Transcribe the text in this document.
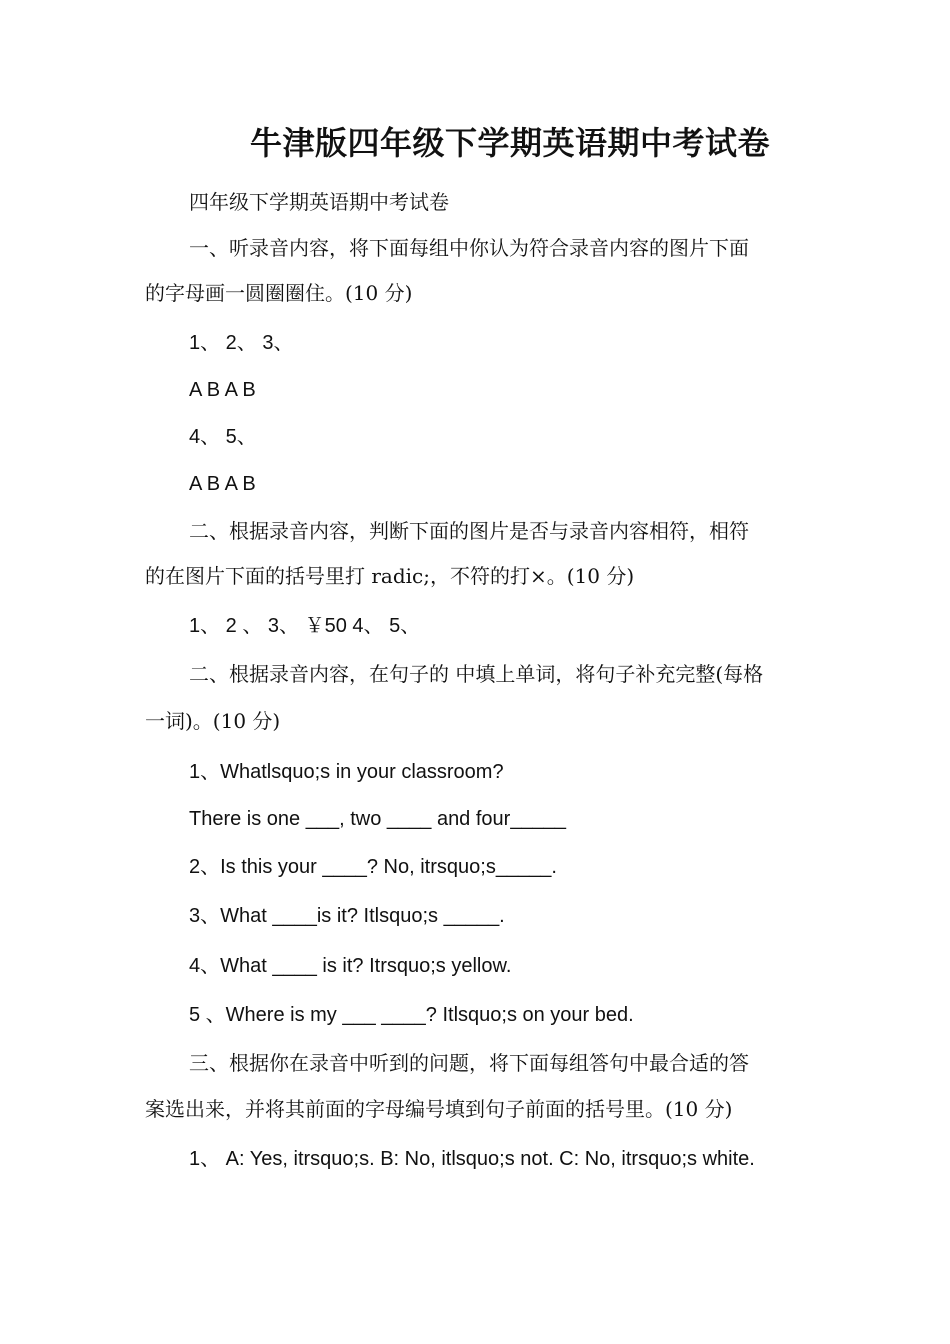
牛津版四年级下学期英语期中考试卷
四年级下学期英语期中考试卷
一、听录音内容，将下面每组中你认为符合录音内容的图片下面
的字母画一圆圈圈住。(10 分)
1、 2、 3、
A B A B
4、 5、
A B A B
二、根据录音内容，判断下面的图片是否与录音内容相符，相符
的在图片下面的括号里打 radic;，不符的打×。(10 分)
1、 2 、 3、 ￥50 4、 5、
二、根据录音内容，在句子的 中填上单词，将句子补充完整(每格
一词)。(10 分)
1、Whatlsquo;s in your classroom?
There is one ___, two ____ and four_____
2、Is this your ____? No, itrsquo;s_____.
3、What ____is it? Itlsquo;s _____.
4、What ____ is it? Itrsquo;s yellow.
5 、Where is my ___ ____? Itlsquo;s on your bed.
三、根据你在录音中听到的问题，将下面每组答句中最合适的答
案选出来，并将其前面的字母编号填到句子前面的括号里。(10 分)
1、 A: Yes, itrsquo;s. B: No, itlsquo;s not. C: No, itrsquo;s white.
